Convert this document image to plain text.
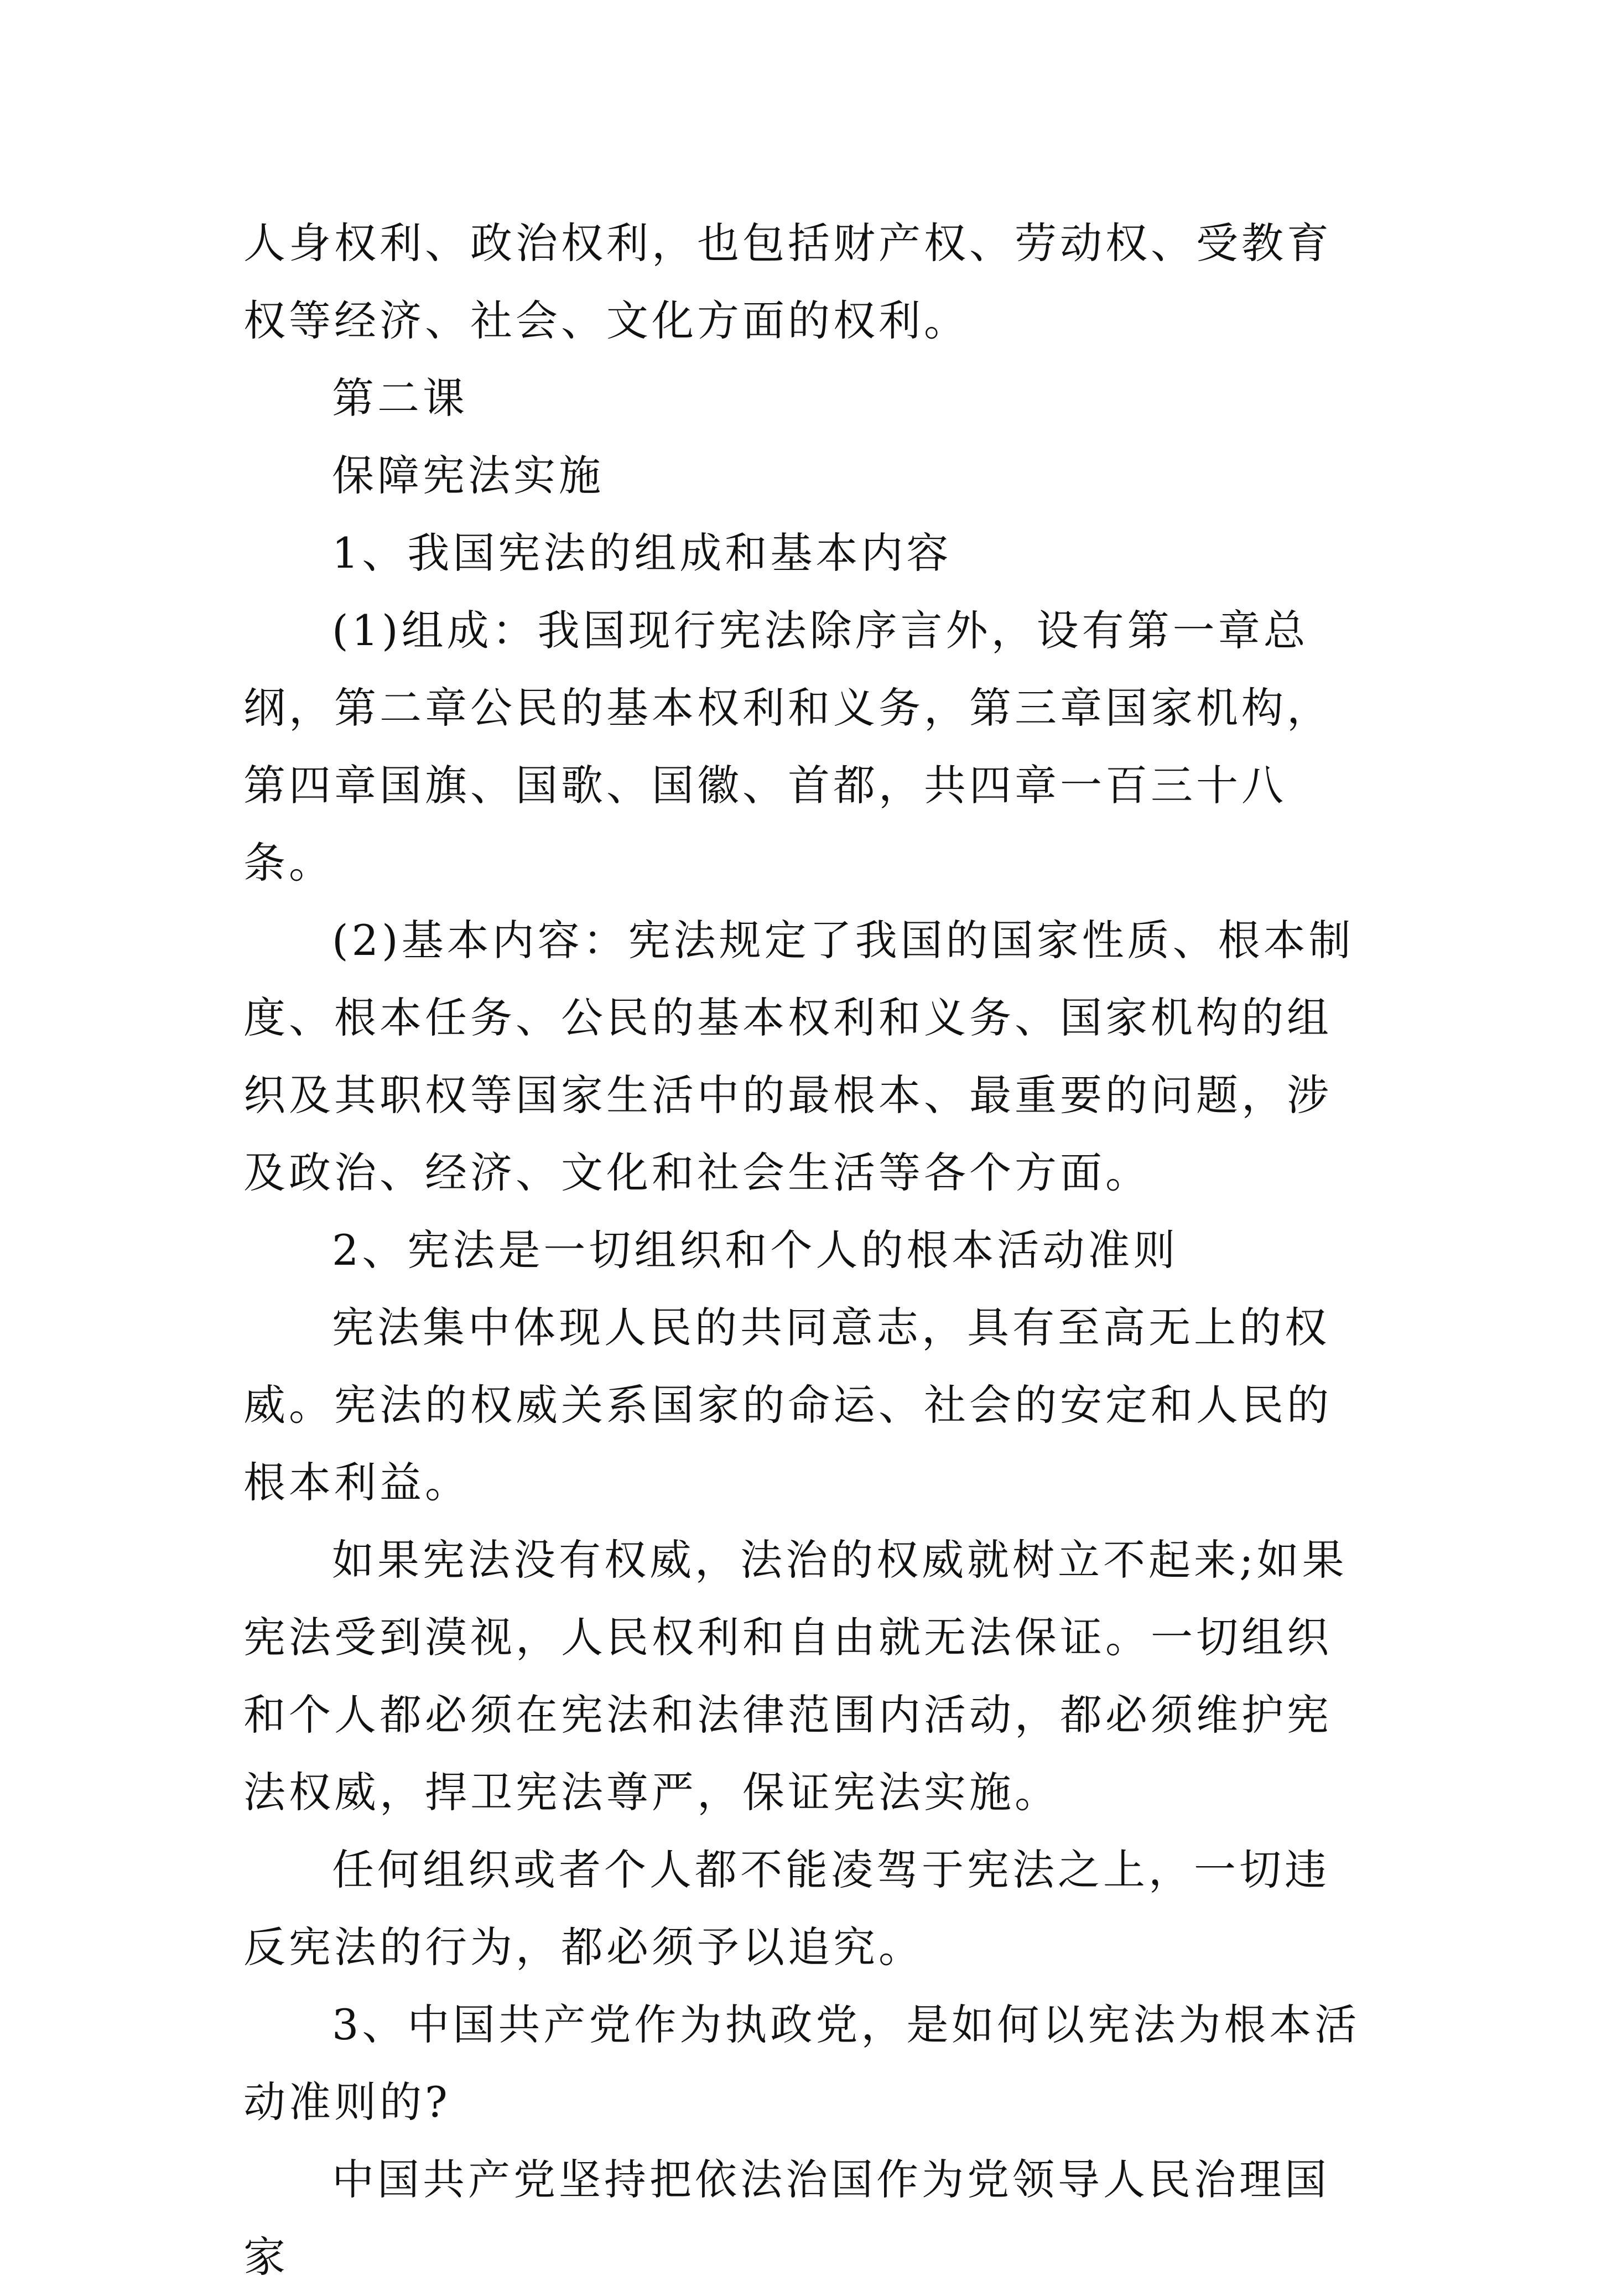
人身权利、政治权利，也包括财产权、劳动权、受教育权等经济、社会、文化方面的权利。

第二课

保障宪法实施

1、我国宪法的组成和基本内容

(1)组成：我国现行宪法除序言外，设有第一章总纲，第二章公民的基本权利和义务，第三章国家机构，第四章国旗、国歌、国徽、首都，共四章一百三十八条。

(2)基本内容：宪法规定了我国的国家性质、根本制度、根本任务、公民的基本权利和义务、国家机构的组织及其职权等国家生活中的最根本、最重要的问题，涉及政治、经济、文化和社会生活等各个方面。

2、宪法是一切组织和个人的根本活动准则

宪法集中体现人民的共同意志，具有至高无上的权威。宪法的权威关系国家的命运、社会的安定和人民的根本利益。

如果宪法没有权威，法治的权威就树立不起来;如果宪法受到漠视，人民权利和自由就无法保证。一切组织和个人都必须在宪法和法律范围内活动，都必须维护宪法权威，捍卫宪法尊严，保证宪法实施。

任何组织或者个人都不能凌驾于宪法之上，一切违反宪法的行为，都必须予以追究。

3、中国共产党作为执政党，是如何以宪法为根本活动准则的?

中国共产党坚持把依法治国作为党领导人民治理国家
